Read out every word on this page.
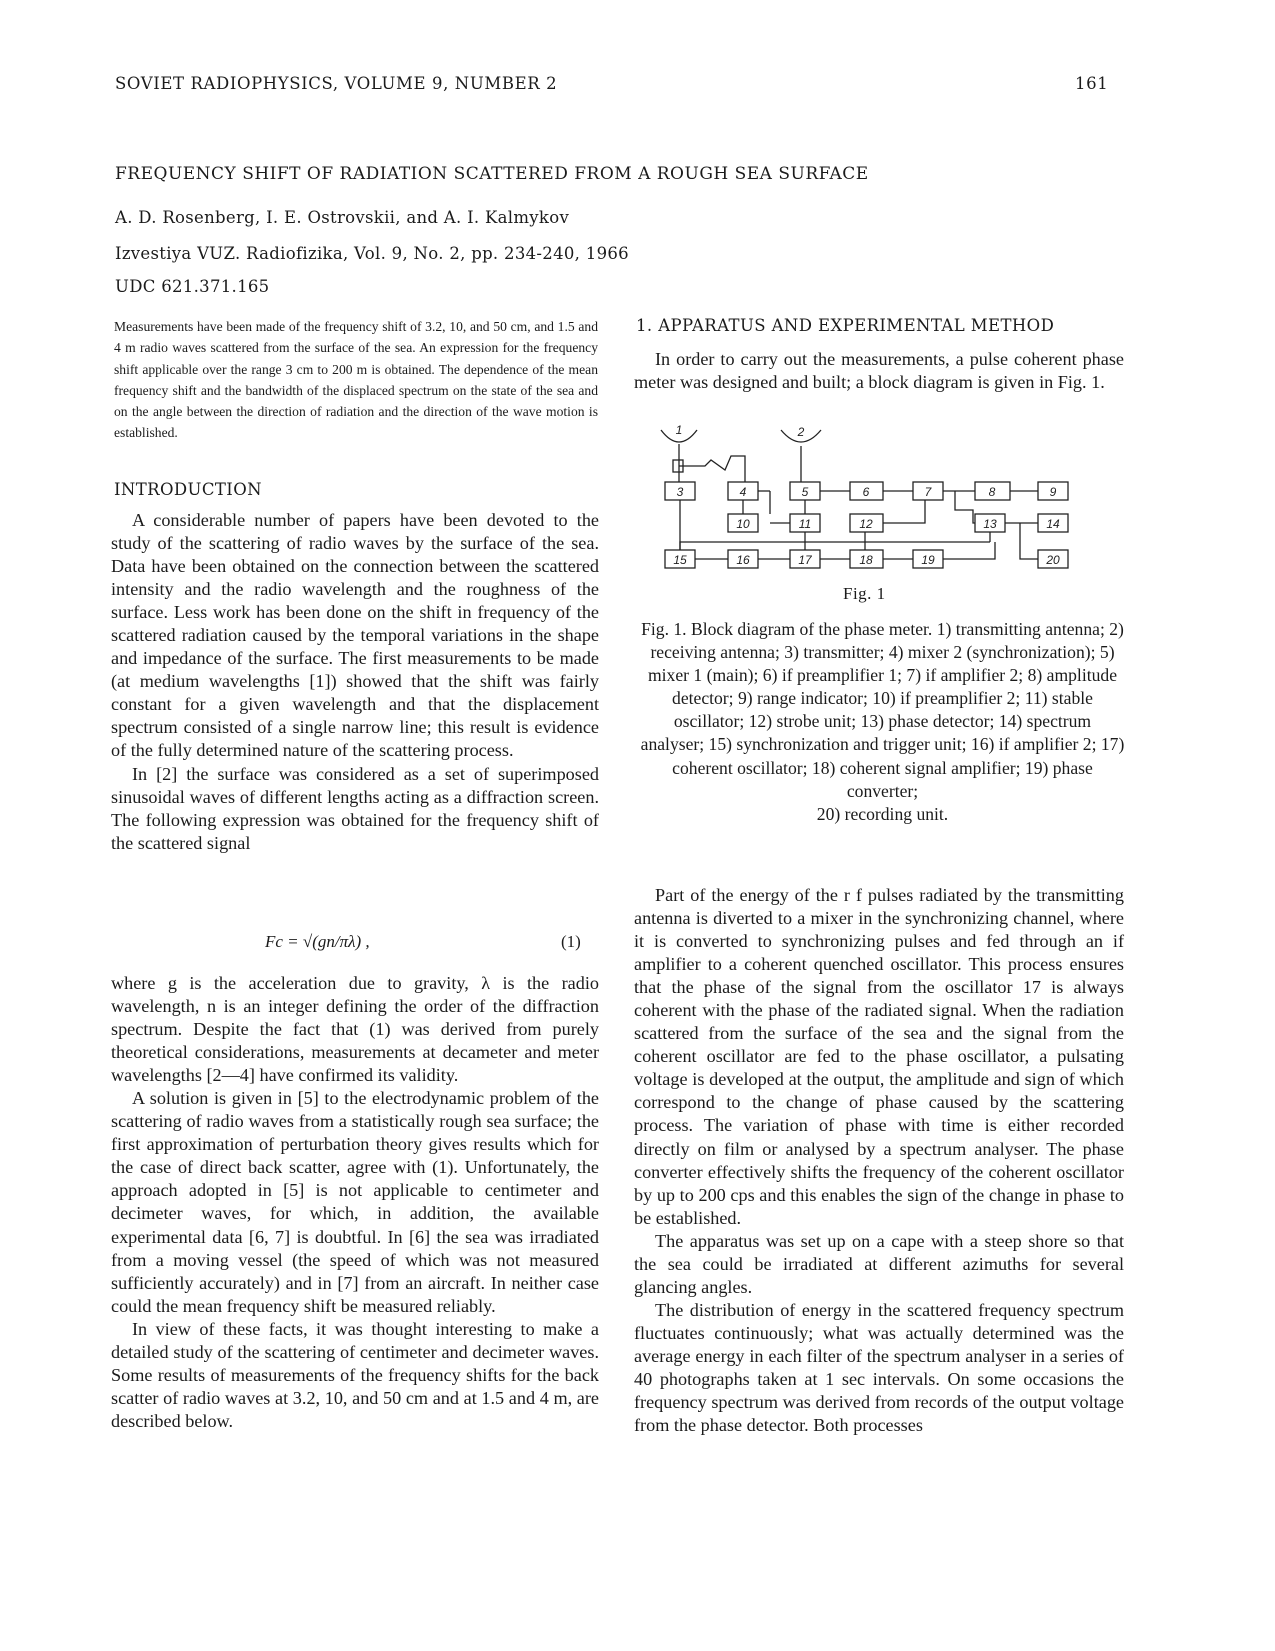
SOVIET RADIOPHYSICS, VOLUME 9, NUMBER 2	161
FREQUENCY SHIFT OF RADIATION SCATTERED FROM A ROUGH SEA SURFACE
A. D. Rosenberg, I. E. Ostrovskii, and A. I. Kalmykov
Izvestiya VUZ. Radiofizika, Vol. 9, No. 2, pp. 234-240, 1966
UDC 621.371.165
Measurements have been made of the frequency shift of 3.2, 10, and 50 cm, and 1.5 and 4 m radio waves scattered from the surface of the sea. An expression for the frequency shift applicable over the range 3 cm to 200 m is obtained. The dependence of the mean frequency shift and the bandwidth of the displaced spectrum on the state of the sea and on the angle between the direction of radiation and the direction of the wave motion is established.
INTRODUCTION

A considerable number of papers have been devoted to the study of the scattering of radio waves by the surface of the sea. Data have been obtained on the connection between the scattered intensity and the radio wavelength and the roughness of the surface. Less work has been done on the shift in frequency of the scattered radiation caused by the temporal variations in the shape and impedance of the surface. The first measurements to be made (at medium wavelengths [1]) showed that the shift was fairly constant for a given wavelength and that the displacement spectrum consisted of a single narrow line; this result is evidence of the fully determined nature of the scattering process.

In [2] the surface was considered as a set of superimposed sinusoidal waves of different lengths acting as a diffraction screen. The following expression was obtained for the frequency shift of the scattered signal

Fc = √(gn/πλ) ,	(1)

where g is the acceleration due to gravity, λ is the radio wavelength, n is an integer defining the order of the diffraction spectrum. Despite the fact that (1) was derived from purely theoretical considerations, measurements at decameter and meter wavelengths [2—4] have confirmed its validity.

A solution is given in [5] to the electrodynamic problem of the scattering of radio waves from a statistically rough sea surface; the first approximation of perturbation theory gives results which for the case of direct back scatter, agree with (1). Unfortunately, the approach adopted in [5] is not applicable to centimeter and decimeter waves, for which, in addition, the available experimental data [6, 7] is doubtful. In [6] the sea was irradiated from a moving vessel (the speed of which was not measured sufficiently accurately) and in [7] from an aircraft. In neither case could the mean frequency shift be measured reliably.

In view of these facts, it was thought interesting to make a detailed study of the scattering of centimeter and decimeter waves. Some results of measurements of the frequency shifts for the back scatter of radio waves at 3.2, 10, and 50 cm and at 1.5 and 4 m, are described below.

1. APPARATUS AND EXPERIMENTAL METHOD

In order to carry out the measurements, a pulse coherent phase meter was designed and built; a block diagram is given in Fig. 1.

1	2
3	4	5	6	7	8	9
10	11	12	13	14
15	16	17	18	19	20
Fig. 1
Fig. 1. Block diagram of the phase meter. 1) transmitting antenna; 2) receiving antenna; 3) transmitter; 4) mixer 2 (synchronization); 5) mixer 1 (main); 6) if preamplifier 1; 7) if amplifier 2; 8) amplitude detector; 9) range indicator; 10) if preamplifier 2; 11) stable oscillator; 12) strobe unit; 13) phase detector; 14) spectrum analyser; 15) synchronization and trigger unit; 16) if amplifier 2; 17) coherent oscillator; 18) coherent signal amplifier; 19) phase converter;
20) recording unit.

Part of the energy of the r f pulses radiated by the transmitting antenna is diverted to a mixer in the synchronizing channel, where it is converted to synchronizing pulses and fed through an if amplifier to a coherent quenched oscillator. This process ensures that the phase of the signal from the oscillator 17 is always coherent with the phase of the radiated signal. When the radiation scattered from the surface of the sea and the signal from the coherent oscillator are fed to the phase oscillator, a pulsating voltage is developed at the output, the amplitude and sign of which correspond to the change of phase caused by the scattering process. The variation of phase with time is either recorded directly on film or analysed by a spectrum analyser. The phase converter effectively shifts the frequency of the coherent oscillator by up to 200 cps and this enables the sign of the change in phase to be established.

The apparatus was set up on a cape with a steep shore so that the sea could be irradiated at different azimuths for several glancing angles.

The distribution of energy in the scattered frequency spectrum fluctuates continuously; what was actually determined was the average energy in each filter of the spectrum analyser in a series of 40 photographs taken at 1 sec intervals. On some occasions the frequency spectrum was derived from records of the output voltage from the phase detector. Both processes
